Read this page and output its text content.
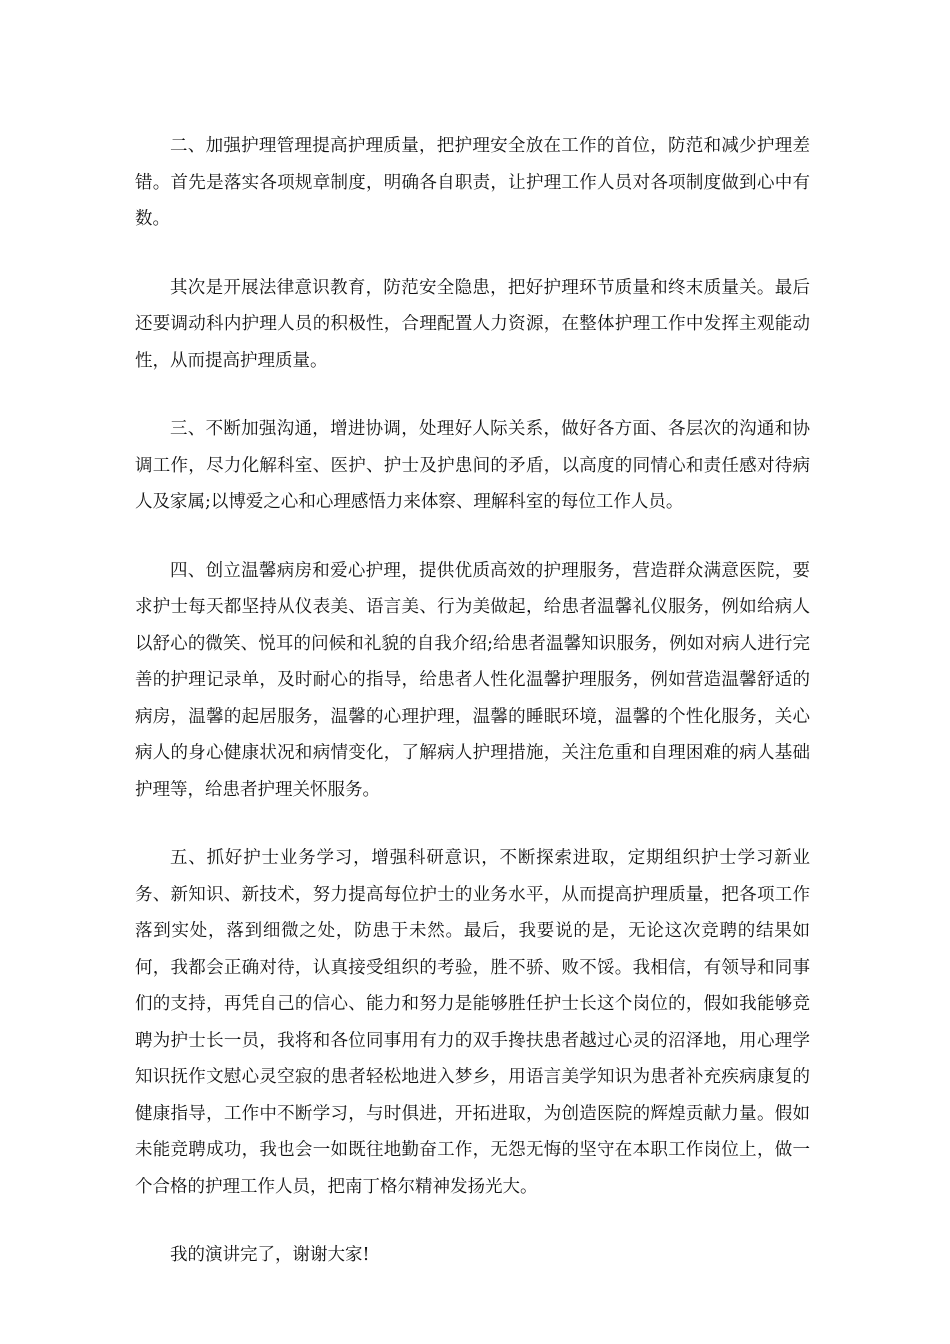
二、加强护理管理提高护理质量，把护理安全放在工作的首位，防范和减少护理差错。首先是落实各项规章制度，明确各自职责，让护理工作人员对各项制度做到心中有数。

其次是开展法律意识教育，防范安全隐患，把好护理环节质量和终末质量关。最后还要调动科内护理人员的积极性，合理配置人力资源，在整体护理工作中发挥主观能动性，从而提高护理质量。

三、不断加强沟通，增进协调，处理好人际关系，做好各方面、各层次的沟通和协调工作，尽力化解科室、医护、护士及护患间的矛盾，以高度的同情心和责任感对待病人及家属;以博爱之心和心理感悟力来体察、理解科室的每位工作人员。

四、创立温馨病房和爱心护理，提供优质高效的护理服务，营造群众满意医院，要求护士每天都坚持从仪表美、语言美、行为美做起，给患者温馨礼仪服务，例如给病人以舒心的微笑、悦耳的问候和礼貌的自我介绍;给患者温馨知识服务，例如对病人进行完善的护理记录单，及时耐心的指导，给患者人性化温馨护理服务，例如营造温馨舒适的病房，温馨的起居服务，温馨的心理护理，温馨的睡眠环境，温馨的个性化服务，关心病人的身心健康状况和病情变化，了解病人护理措施，关注危重和自理困难的病人基础护理等，给患者护理关怀服务。

五、抓好护士业务学习，增强科研意识，不断探索进取，定期组织护士学习新业务、新知识、新技术，努力提高每位护士的业务水平，从而提高护理质量，把各项工作落到实处，落到细微之处，防患于未然。最后，我要说的是，无论这次竞聘的结果如何，我都会正确对待，认真接受组织的考验，胜不骄、败不馁。我相信，有领导和同事们的支持，再凭自己的信心、能力和努力是能够胜任护士长这个岗位的，假如我能够竞聘为护士长一员，我将和各位同事用有力的双手搀扶患者越过心灵的沼泽地，用心理学知识抚作文慰心灵空寂的患者轻松地进入梦乡，用语言美学知识为患者补充疾病康复的健康指导，工作中不断学习，与时俱进，开拓进取，为创造医院的辉煌贡献力量。假如未能竞聘成功，我也会一如既往地勤奋工作，无怨无悔的坚守在本职工作岗位上，做一个合格的护理工作人员，把南丁格尔精神发扬光大。

我的演讲完了，谢谢大家!
